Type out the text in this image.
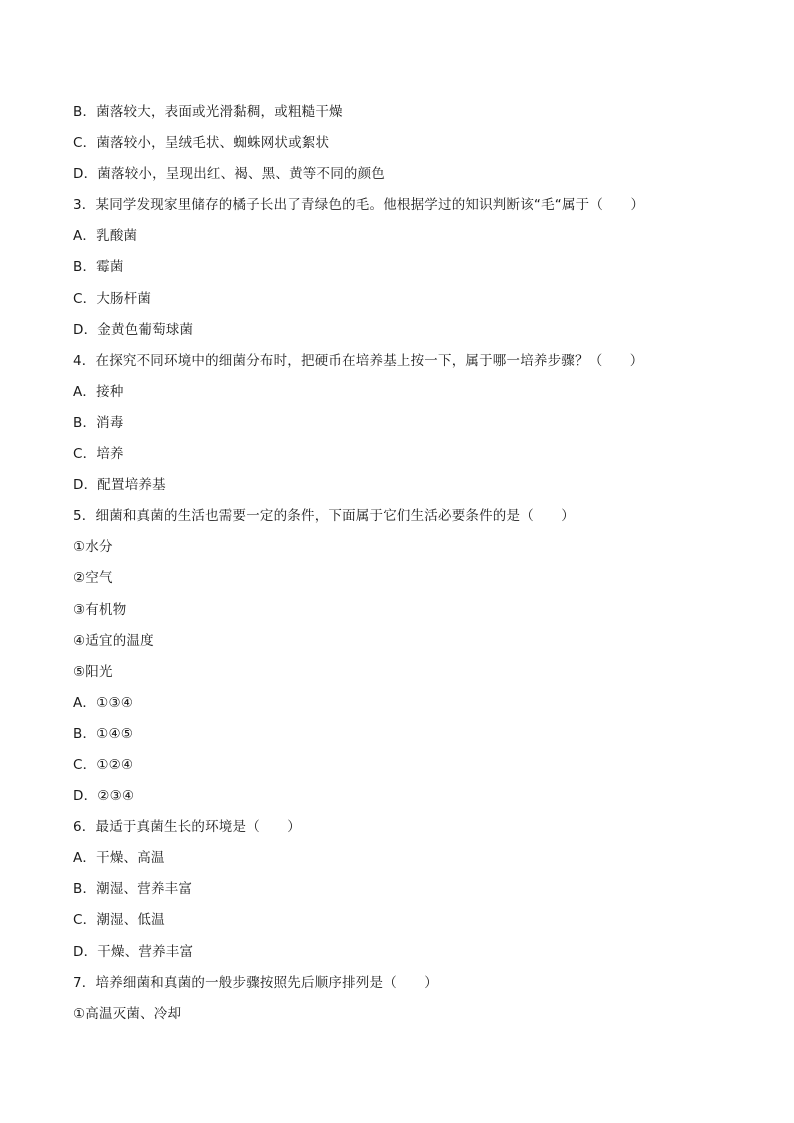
B．菌落较大，表面或光滑黏稠，或粗糙干燥
C．菌落较小，呈绒毛状、蜘蛛网状或絮状
D．菌落较小，呈现出红、褐、黑、黄等不同的颜色
3．某同学发现家里储存的橘子长出了青绿色的毛。他根据学过的知识判断该“毛“属于（　　）
A．乳酸菌
B．霉菌
C．大肠杆菌
D．金黄色葡萄球菌
4．在探究不同环境中的细菌分布时，把硬币在培养基上按一下，属于哪一培养步骤？（　　）
A．接种
B．消毒
C．培养
D．配置培养基
5．细菌和真菌的生活也需要一定的条件，下面属于它们生活必要条件的是（　　）
①水分
②空气
③有机物
④适宜的温度
⑤阳光
A．①③④
B．①④⑤
C．①②④
D．②③④
6．最适于真菌生长的环境是（　　）
A．干燥、高温
B．潮湿、营养丰富
C．潮湿、低温
D．干燥、营养丰富
7．培养细菌和真菌的一般步骤按照先后顺序排列是（　　）
①高温灭菌、冷却
